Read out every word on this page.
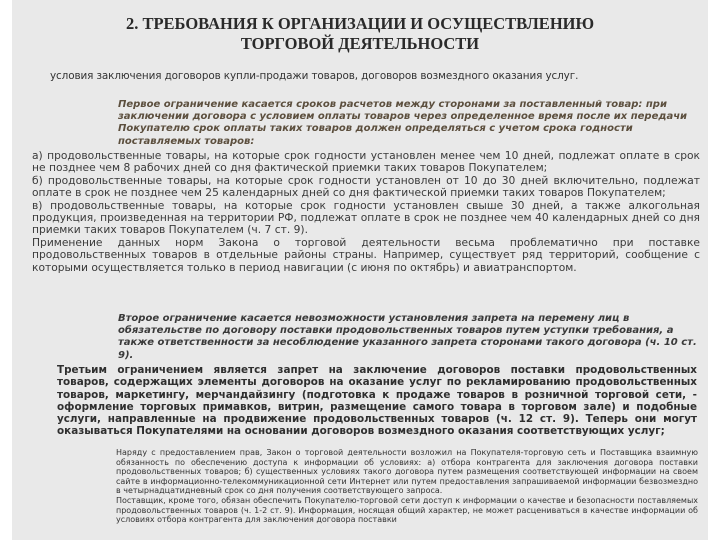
2. ТРЕБОВАНИЯ К ОРГАНИЗАЦИИ И ОСУЩЕСТВЛЕНИЮ
ТОРГОВОЙ ДЕЯТЕЛЬНОСТИ
условия заключения договоров купли-продажи товаров, договоров возмездного оказания услуг.

Первое ограничение касается сроков расчетов между сторонами за поставленный товар: при заключении договора с условием оплаты товаров через определенное время после их передачи Покупателю срок оплаты таких товаров должен определяться с учетом срока годности поставляемых товаров:

а) продовольственные товары, на которые срок годности установлен менее чем 10 дней, подлежат оплате в срок не позднее чем 8 рабочих дней со дня фактической приемки таких товаров Покупателем;
б) продовольственные товары, на которые срок годности установлен от 10 до 30 дней включительно, подлежат оплате в срок не позднее чем 25 календарных дней со дня фактической приемки таких товаров Покупателем;
в) продовольственные товары, на которые срок годности установлен свыше 30 дней, а также алкогольная продукция, произведенная на территории РФ, подлежат оплате в срок не позднее чем 40 календарных дней со дня приемки таких товаров Покупателем (ч. 7 ст. 9).
Применение данных норм Закона о торговой деятельности весьма проблематично при поставке продовольственных товаров в отдельные районы страны. Например, существует ряд территорий, сообщение с которыми осуществляется только в период навигации (с июня по октябрь) и авиатранспортом.

Второе ограничение касается невозможности установления запрета на перемену лиц в обязательстве по договору поставки продовольственных товаров путем уступки требования, а также ответственности за несоблюдение указанного запрета сторонами такого договора (ч. 10 ст. 9).

Третьим ограничением является запрет на заключение договоров поставки продовольственных товаров, содержащих элементы договоров на оказание услуг по рекламированию продовольственных товаров, маркетингу, мерчандайзингу (подготовка к продаже товаров в розничной торговой сети, - оформление торговых примавков, витрин, размещение самого товара в торговом зале) и подобные услуги, направленные на продвижение продовольственных товаров (ч. 12 ст. 9). Теперь они могут оказываться Покупателями на основании договоров возмездного оказания соответствующих услуг;

Наряду с предоставлением прав, Закон о торговой деятельности возложил на Покупателя-торговую сеть и Поставщика взаимную обязанность по обеспечению доступа к информации об условиях: а) отбора контрагента для заключения договора поставки продовольственных товаров; б) существенных условиях такого договора путем размещения соответствующей информации на своем сайте в информационно-телекоммуникационной сети Интернет или путем предоставления запрашиваемой информации безвозмездно в четырнадцатидневный срок со дня получения соответствующего запроса.
Поставщик, кроме того, обязан обеспечить Покупателю-торговой сети доступ к информации о качестве и безопасности поставляемых продовольственных товаров (ч. 1-2 ст. 9). Информация, носящая общий характер, не может расцениваться в качестве информации об условиях отбора контрагента для заключения договора поставки
